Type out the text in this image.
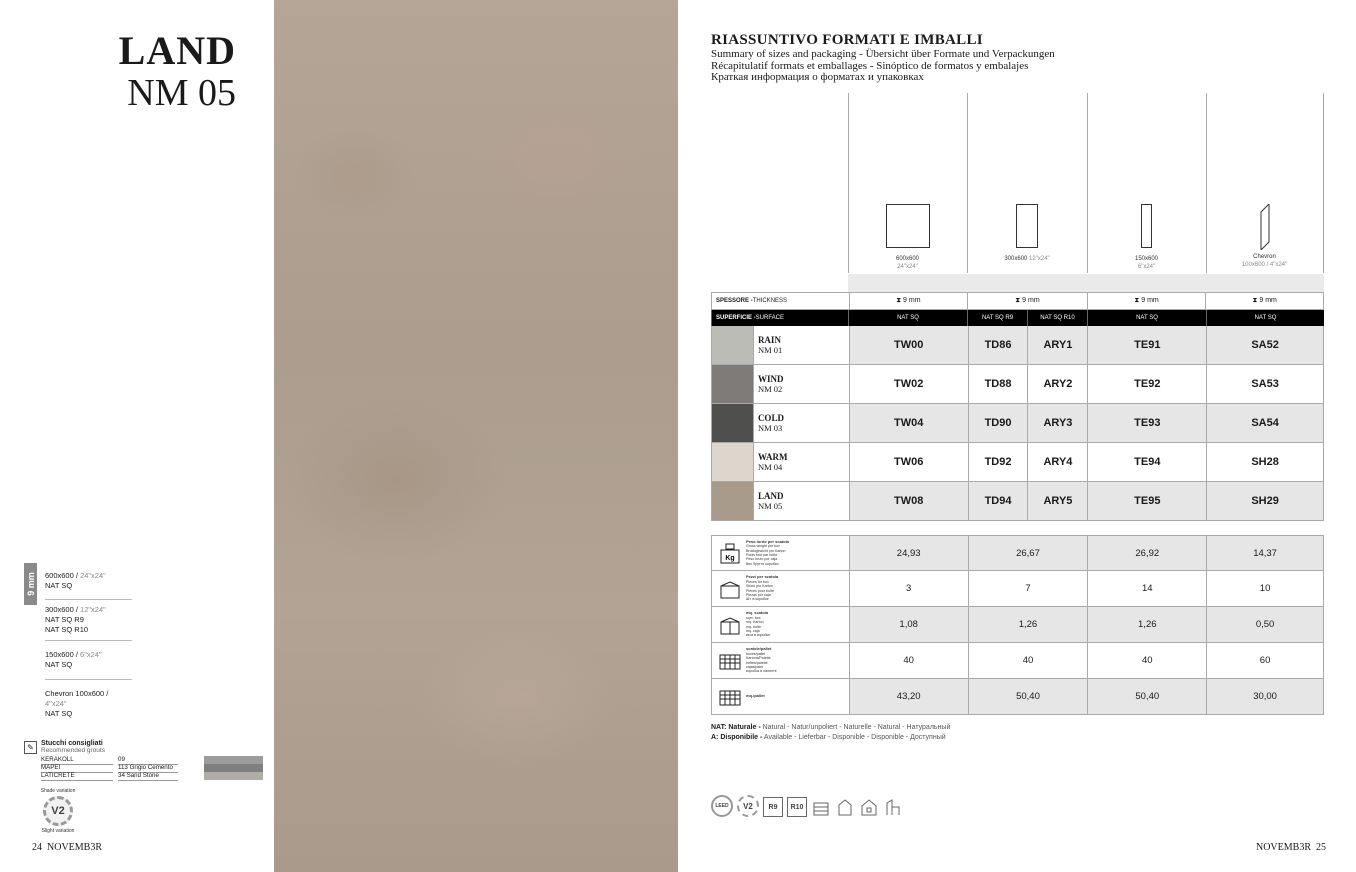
LAND
NM 05
9 mm 600x600 / 24"x24"
NAT SQ
300x600 / 12"x24"
NAT SQ R9
NAT SQ R10
150x600 / 6"x24"
NAT SQ
Chevron 100x600 / 4"x24"
NAT SQ
✎	Stucchi consigliati
Recommended grouts
KERAKOLL	09
MAPEI	113 Grigio Cemento
LATICRETE	34 Sand Stone
Shade variation
V2
Slight variation
24 NOVEMB3R
RIASSUNTIVO FORMATI E IMBALLI
Summary of sizes and packaging - Übersicht über Formate und Verpackungen
Récapitulatif formats et emballages - Sinóptico de formatos y embalajes
Краткая информация о форматах и упаковках
600x600
24"x24"
300x600 12"x24"	150x600
6"x24"
Chevron
100x600 / 4"x24"
SPESSORE - THICKNESS	⧗ 9 mm	⧗ 9 mm	⧗ 9 mm	⧗ 9 mm
SUPERFICIE - SURFACE	NAT SQ	NAT SQ R9	NAT SQ R10	NAT SQ	NAT SQ
RAIN
NM 01	TW00	TD86	ARY1	TE91	SA52
WIND
NM 02	TW02	TD88	ARY2	TE92	SA53
COLD
NM 03	TW04	TD90	ARY3	TE93	SA54
WARM
NM 04	TW06	TD92	ARY4	TE94	SH28
LAND
NM 05	TW08	TD94	ARY5	TE95	SH29
Kg
Peso lordo per scatola
Gross weight per box
Bruttogewicht pro Karton
Poids brut par boîte
Peso bruto por caja
Вес брутто коробки
24,93	26,67	26,92	14,37
Pezzi per scatola
Pieces for box
Stück pro Karton
Pièces pour boîte
Piezas por caja
Шт. в коробке
3	7	14	10
mq. scatola
sqm. box
mq. Karton
mq. boîte
mq. caja
кв.м в коробке
1,08	1,26	1,26	0,50
scatole/pallet
boxes/pallet
Kartons/Palette
boîtes/palette
cajas/palet
коробок в паллете
40	40	40	60
mq./pallet	43,20	50,40	50,40	30,00
NAT: Naturale - Natural - Natur/unpoliert - Naturelle - Natural - Натуральный
A: Disponibile - Available - Lieferbar - Disponible - Disponible - Доступный
LEED	V2	R9	R10
NOVEMB3R 25
